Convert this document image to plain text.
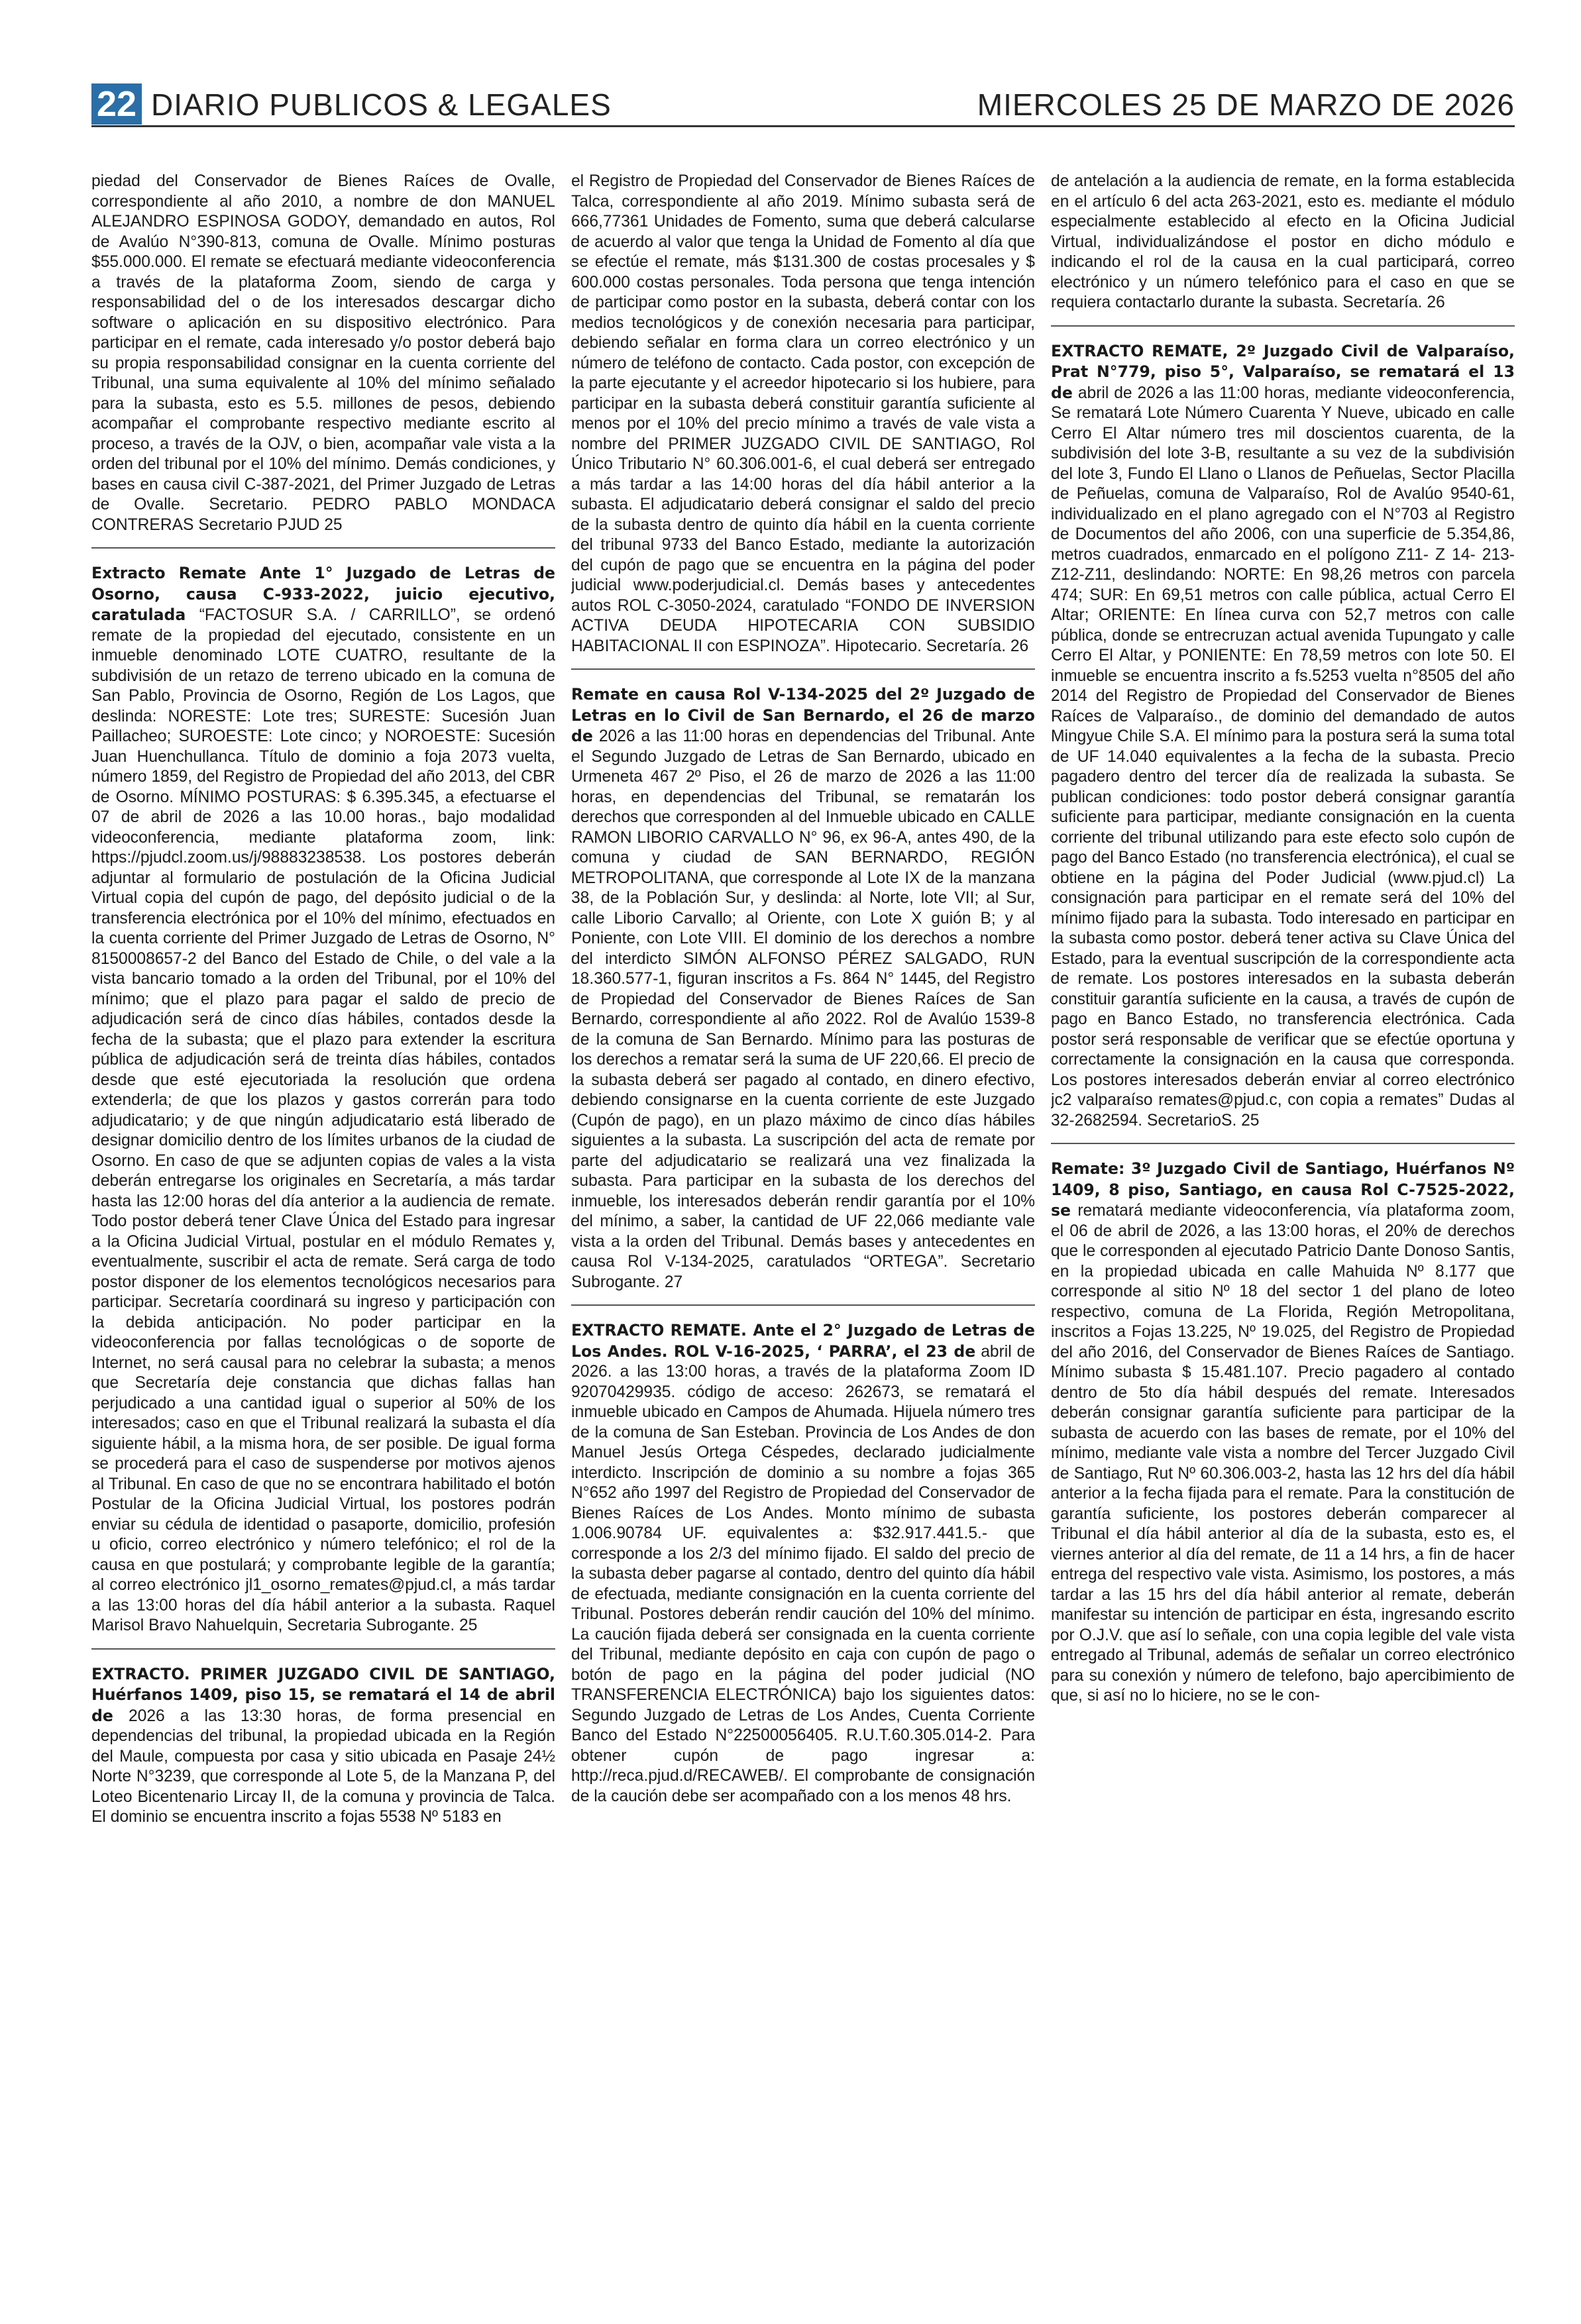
22 DIARIO PUBLICOS & LEGALES	MIERCOLES 25 DE MARZO DE 2026

piedad del Conservador de Bienes Raíces de Ovalle, correspondiente al año 2010, a nombre de don MANUEL ALEJANDRO ESPINOSA GODOY, demandado en autos, Rol de Avalúo N°390-813, comuna de Ovalle. Mínimo posturas $55.000.000. El remate se efectuará mediante videoconferencia a través de la plataforma Zoom, siendo de carga y responsabilidad del o de los interesados descargar dicho software o aplicación en su dispositivo electrónico. Para participar en el remate, cada interesado y/o postor deberá bajo su propia responsabilidad consignar en la cuenta corriente del Tribunal, una suma equivalente al 10% del mínimo señalado para la subasta, esto es 5.5. millones de pesos, debiendo acompañar el comprobante respectivo mediante escrito al proceso, a través de la OJV, o bien, acompañar vale vista a la orden del tribunal por el 10% del mínimo. Demás condiciones, y bases en causa civil C-387-2021, del Primer Juzgado de Letras de Ovalle. Secretario. PEDRO PABLO MONDACA CONTRERAS Secretario PJUD 25

Extracto Remate Ante 1° Juzgado de Letras de Osorno, causa C-933-2022, juicio ejecutivo, caratulada “FACTOSUR S.A. / CARRILLO”, se ordenó remate de la propiedad del ejecutado, consistente en un inmueble denominado LOTE CUATRO, resultante de la subdivisión de un retazo de terreno ubicado en la comuna de San Pablo, Provincia de Osorno, Región de Los Lagos, que deslinda: NORESTE: Lote tres; SURESTE: Sucesión Juan Paillacheo; SUROESTE: Lote cinco; y NOROESTE: Sucesión Juan Huenchullanca. Título de dominio a foja 2073 vuelta, número 1859, del Registro de Propiedad del año 2013, del CBR de Osorno. MÍNIMO POSTURAS: $ 6.395.345, a efectuarse el 07 de abril de 2026 a las 10.00 horas., bajo modalidad videoconferencia, mediante plataforma zoom, link: https://pjudcl.zoom.us/j/98883238538. Los postores deberán adjuntar al formulario de postulación de la Oficina Judicial Virtual copia del cupón de pago, del depósito judicial o de la transferencia electrónica por el 10% del mínimo, efectuados en la cuenta corriente del Primer Juzgado de Letras de Osorno, N° 8150008657-2 del Banco del Estado de Chile, o del vale a la vista bancario tomado a la orden del Tribunal, por el 10% del mínimo; que el plazo para pagar el saldo de precio de adjudicación será de cinco días hábiles, contados desde la fecha de la subasta; que el plazo para extender la escritura pública de adjudicación será de treinta días hábiles, contados desde que esté ejecutoriada la resolución que ordena extenderla; de que los plazos y gastos correrán para todo adjudicatario; y de que ningún adjudicatario está liberado de designar domicilio dentro de los límites urbanos de la ciudad de Osorno. En caso de que se adjunten copias de vales a la vista deberán entregarse los originales en Secretaría, a más tardar hasta las 12:00 horas del día anterior a la audiencia de remate. Todo postor deberá tener Clave Única del Estado para ingresar a la Oficina Judicial Virtual, postular en el módulo Remates y, eventualmente, suscribir el acta de remate. Será carga de todo postor disponer de los elementos tecnológicos necesarios para participar. Secretaría coordinará su ingreso y participación con la debida anticipación. No poder participar en la videoconferencia por fallas tecnológicas o de soporte de Internet, no será causal para no celebrar la subasta; a menos que Secretaría deje constancia que dichas fallas han perjudicado a una cantidad igual o superior al 50% de los interesados; caso en que el Tribunal realizará la subasta el día siguiente hábil, a la misma hora, de ser posible. De igual forma se procederá para el caso de suspenderse por motivos ajenos al Tribunal. En caso de que no se encontrara habilitado el botón Postular de la Oficina Judicial Virtual, los postores podrán enviar su cédula de identidad o pasaporte, domicilio, profesión u oficio, correo electrónico y número telefónico; el rol de la causa en que postulará; y comprobante legible de la garantía; al correo electrónico jl1_osorno_remates@pjud.cl, a más tardar a las 13:00 horas del día hábil anterior a la subasta. Raquel Marisol Bravo Nahuelquin, Secretaria Subrogante. 25

EXTRACTO. PRIMER JUZGADO CIVIL DE SANTIAGO, Huérfanos 1409, piso 15, se rematará el 14 de abril de 2026 a las 13:30 horas, de forma presencial en dependencias del tribunal, la propiedad ubicada en la Región del Maule, compuesta por casa y sitio ubicada en Pasaje 24½ Norte N°3239, que corresponde al Lote 5, de la Manzana P, del Loteo Bicentenario Lircay II, de la comuna y provincia de Talca. El dominio se encuentra inscrito a fojas 5538 Nº 5183 en

el Registro de Propiedad del Conservador de Bienes Raíces de Talca, correspondiente al año 2019. Mínimo subasta será de 666,77361 Unidades de Fomento, suma que deberá calcularse de acuerdo al valor que tenga la Unidad de Fomento al día que se efectúe el remate, más $131.300 de costas procesales y $ 600.000 costas personales. Toda persona que tenga intención de participar como postor en la subasta, deberá contar con los medios tecnológicos y de conexión necesaria para participar, debiendo señalar en forma clara un correo electrónico y un número de teléfono de contacto. Cada postor, con excepción de la parte ejecutante y el acreedor hipotecario si los hubiere, para participar en la subasta deberá constituir garantía suficiente al menos por el 10% del precio mínimo a través de vale vista a nombre del PRIMER JUZGADO CIVIL DE SANTIAGO, Rol Único Tributario N° 60.306.001-6, el cual deberá ser entregado a más tardar a las 14:00 horas del día hábil anterior a la subasta. El adjudicatario deberá consignar el saldo del precio de la subasta dentro de quinto día hábil en la cuenta corriente del tribunal 9733 del Banco Estado, mediante la autorización del cupón de pago que se encuentra en la página del poder judicial www.poderjudicial.cl. Demás bases y antecedentes autos ROL C-3050-2024, caratulado “FONDO DE INVERSION ACTIVA DEUDA HIPOTECARIA CON SUBSIDIO HABITACIONAL II con ESPINOZA”. Hipotecario. Secretaría. 26

Remate en causa Rol V-134-2025 del 2º Juzgado de Letras en lo Civil de San Bernardo, el 26 de marzo de 2026 a las 11:00 horas en dependencias del Tribunal. Ante el Segundo Juzgado de Letras de San Bernardo, ubicado en Urmeneta 467 2º Piso, el 26 de marzo de 2026 a las 11:00 horas, en dependencias del Tribunal, se rematarán los derechos que corresponden al del Inmueble ubicado en CALLE RAMON LIBORIO CARVALLO N° 96, ex 96-A, antes 490, de la comuna y ciudad de SAN BERNARDO, REGIÓN METROPOLITANA, que corresponde al Lote IX de la manzana 38, de la Población Sur, y deslinda: al Norte, lote VII; al Sur, calle Liborio Carvallo; al Oriente, con Lote X guión B; y al Poniente, con Lote VIII. El dominio de los derechos a nombre del interdicto SIMÓN ALFONSO PÉREZ SALGADO, RUN 18.360.577-1, figuran inscritos a Fs. 864 N° 1445, del Registro de Propiedad del Conservador de Bienes Raíces de San Bernardo, correspondiente al año 2022. Rol de Avalúo 1539-8 de la comuna de San Bernardo. Mínimo para las posturas de los derechos a rematar será la suma de UF 220,66. El precio de la subasta deberá ser pagado al contado, en dinero efectivo, debiendo consignarse en la cuenta corriente de este Juzgado (Cupón de pago), en un plazo máximo de cinco días hábiles siguientes a la subasta. La suscripción del acta de remate por parte del adjudicatario se realizará una vez finalizada la subasta. Para participar en la subasta de los derechos del inmueble, los interesados deberán rendir garantía por el 10% del mínimo, a saber, la cantidad de UF 22,066 mediante vale vista a la orden del Tribunal. Demás bases y antecedentes en causa Rol V-134-2025, caratulados “ORTEGA”. Secretario Subrogante. 27

EXTRACTO REMATE. Ante el 2° Juzgado de Letras de Los Andes. ROL V-16-2025, ‘ PARRA’, el 23 de abril de 2026. a las 13:00 horas, a través de la plataforma Zoom ID 92070429935. código de acceso: 262673, se rematará el inmueble ubicado en Campos de Ahumada. Hijuela número tres de la comuna de San Esteban. Provincia de Los Andes de don Manuel Jesús Ortega Céspedes, declarado judicialmente interdicto. Inscripción de dominio a su nombre a fojas 365 N°652 año 1997 del Registro de Propiedad del Conservador de Bienes Raíces de Los Andes. Monto mínimo de subasta 1.006.90784 UF. equivalentes a: $32.917.441.5.- que corresponde a los 2/3 del mínimo fijado. El saldo del precio de la subasta deber pagarse al contado, dentro del quinto día hábil de efectuada, mediante consignación en la cuenta corriente del Tribunal. Postores deberán rendir caución del 10% del mínimo. La caución fijada deberá ser consignada en la cuenta corriente del Tribunal, mediante depósito en caja con cupón de pago o botón de pago en la página del poder judicial (NO TRANSFERENCIA ELECTRÓNICA) bajo los siguientes datos: Segundo Juzgado de Letras de Los Andes, Cuenta Corriente Banco del Estado N°22500056405. R.U.T.60.305.014-2. Para obtener cupón de pago ingresar a: http://reca.pjud.d/RECAWEB/. El comprobante de consignación de la caución debe ser acompañado con a los menos 48 hrs.

de antelación a la audiencia de remate, en la forma establecida en el artículo 6 del acta 263-2021, esto es. mediante el módulo especialmente establecido al efecto en la Oficina Judicial Virtual, individualizándose el postor en dicho módulo e indicando el rol de la causa en la cual participará, correo electrónico y un número telefónico para el caso en que se requiera contactarlo durante la subasta. Secretaría. 26

EXTRACTO REMATE, 2º Juzgado Civil de Valparaíso, Prat N°779, piso 5°, Valparaíso, se rematará el 13 de abril de 2026 a las 11:00 horas, mediante videoconferencia, Se rematará Lote Número Cuarenta Y Nueve, ubicado en calle Cerro El Altar número tres mil doscientos cuarenta, de la subdivisión del lote 3-B, resultante a su vez de la subdivisión del lote 3, Fundo El Llano o Llanos de Peñuelas, Sector Placilla de Peñuelas, comuna de Valparaíso, Rol de Avalúo 9540-61, individualizado en el plano agregado con el N°703 al Registro de Documentos del año 2006, con una superficie de 5.354,86, metros cuadrados, enmarcado en el polígono Z11- Z 14- 213- Z12-Z11, deslindando: NORTE: En 98,26 metros con parcela 474; SUR: En 69,51 metros con calle pública, actual Cerro El Altar; ORIENTE: En línea curva con 52,7 metros con calle pública, donde se entrecruzan actual avenida Tupungato y calle Cerro El Altar, y PONIENTE: En 78,59 metros con lote 50. El inmueble se encuentra inscrito a fs.5253 vuelta n°8505 del año 2014 del Registro de Propiedad del Conservador de Bienes Raíces de Valparaíso., de dominio del demandado de autos Mingyue Chile S.A. El mínimo para la postura será la suma total de UF 14.040 equivalentes a la fecha de la subasta. Precio pagadero dentro del tercer día de realizada la subasta. Se publican condiciones: todo postor deberá consignar garantía suficiente para participar, mediante consignación en la cuenta corriente del tribunal utilizando para este efecto solo cupón de pago del Banco Estado (no transferencia electrónica), el cual se obtiene en la página del Poder Judicial (www.pjud.cl) La consignación para participar en el remate será del 10% del mínimo fijado para la subasta. Todo interesado en participar en la subasta como postor. deberá tener activa su Clave Única del Estado, para la eventual suscripción de la correspondiente acta de remate. Los postores interesados en la subasta deberán constituir garantía suficiente en la causa, a través de cupón de pago en Banco Estado, no transferencia electrónica. Cada postor será responsable de verificar que se efectúe oportuna y correctamente la consignación en la causa que corresponda. Los postores interesados deberán enviar al correo electrónico jc2 valparaíso remates@pjud.c, con copia a remates” Dudas al 32-2682594. SecretarioS. 25

Remate: 3º Juzgado Civil de Santiago, Huérfanos Nº 1409, 8 piso, Santiago, en causa Rol C-7525-2022, se rematará mediante videoconferencia, vía plataforma zoom, el 06 de abril de 2026, a las 13:00 horas, el 20% de derechos que le corresponden al ejecutado Patricio Dante Donoso Santis, en la propiedad ubicada en calle Mahuida Nº 8.177 que corresponde al sitio Nº 18 del sector 1 del plano de loteo respectivo, comuna de La Florida, Región Metropolitana, inscritos a Fojas 13.225, Nº 19.025, del Registro de Propiedad del año 2016, del Conservador de Bienes Raíces de Santiago. Mínimo subasta $ 15.481.107. Precio pagadero al contado dentro de 5to día hábil después del remate. Interesados deberán consignar garantía suficiente para participar de la subasta de acuerdo con las bases de remate, por el 10% del mínimo, mediante vale vista a nombre del Tercer Juzgado Civil de Santiago, Rut Nº 60.306.003-2, hasta las 12 hrs del día hábil anterior a la fecha fijada para el remate. Para la constitución de garantía suficiente, los postores deberán comparecer al Tribunal el día hábil anterior al día de la subasta, esto es, el viernes anterior al día del remate, de 11 a 14 hrs, a fin de hacer entrega del respectivo vale vista. Asimismo, los postores, a más tardar a las 15 hrs del día hábil anterior al remate, deberán manifestar su intención de participar en ésta, ingresando escrito por O.J.V. que así lo señale, con una copia legible del vale vista entregado al Tribunal, además de señalar un correo electrónico para su conexión y número de telefono, bajo apercibimiento de que, si así no lo hiciere, no se le con-
